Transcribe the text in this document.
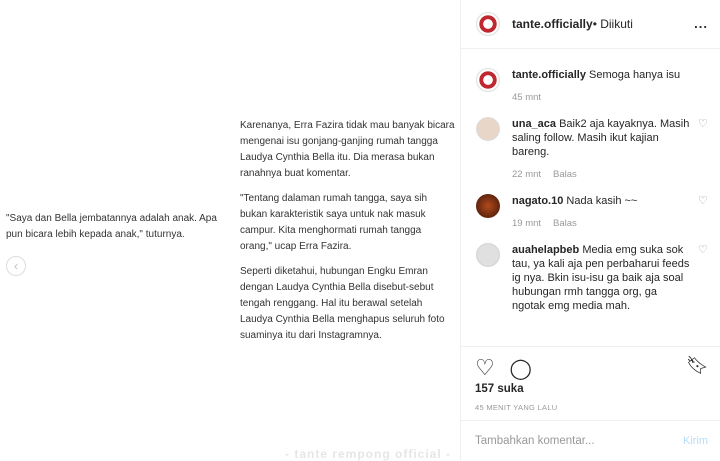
"Saya dan Bella jembatannya adalah anak. Apa pun bicara lebih kepada anak," tuturnya.
‹

Karenanya, Erra Fazira tidak mau banyak bicara mengenai isu gonjang-ganjing rumah tangga Laudya Cynthia Bella itu. Dia merasa bukan ranahnya buat komentar.

"Tentang dalaman rumah tangga, saya sih bukan karakteristik saya untuk nak masuk campur. Kita menghormati rumah tangga orang," ucap Erra Fazira.

Seperti diketahui, hubungan Engku Emran dengan Laudya Cynthia Bella disebut-sebut tengah renggang. Hal itu berawal setelah Laudya Cynthia Bella menghapus seluruh foto suaminya itu dari Instagramnya.

- tante rempong official -
tante.officially • Diikuti	...
tante.officially Semoga hanya isu
45 mnt
una_aca Baik2 aja kayaknya. Masih saling follow. Masih ikut kajian bareng.
22 mnt Balas
♡
nagato.10 Nada kasih ~~
19 mnt Balas
♡
auahelapbeb Media emg suka sok tau, ya kali aja pen perbaharui feeds ig nya. Bkin isu-isu ga baik aja soal hubungan rmh tangga org, ga ngotak emg media mah.
♡
♡ ◯	🔖︎
157 suka
45 MENIT YANG LALU
Tambahkan komentar...
Kirim
